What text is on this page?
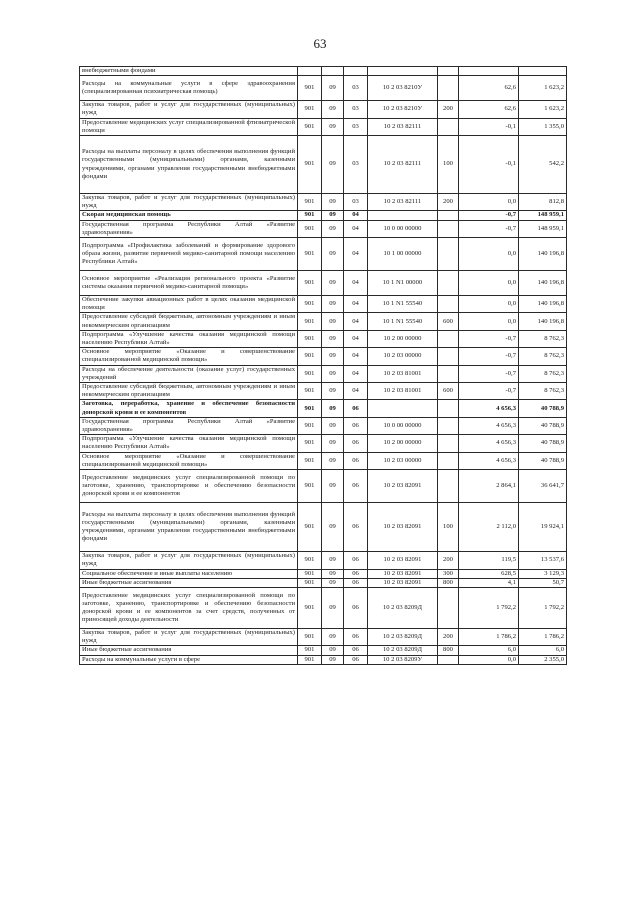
63
внебюджетными фондами							
Расходы на коммунальные услуги в сфере здравоохранения (специализированная психиатрическая помощь)	901	09	03	10 2 03 8210У		62,6	1 623,2
Закупка товаров, работ и услуг для государственных (муниципальных) нужд	901	09	03	10 2 03 8210У	200	62,6	1 623,2
Предоставление медицинских услуг специализированной фтизиатрической помощи	901	09	03	10 2 03 82111		-0,1	1 355,0
Расходы на выплаты персоналу в целях обеспечения выполнения функций государственными (муниципальными) органами, казенными учреждениями, органами управления государственными внебюджетными фондами	901	09	03	10 2 03 82111	100	-0,1	542,2
Закупка товаров, работ и услуг для государственных (муниципальных) нужд	901	09	03	10 2 03 82111	200	0,0	812,8
Скорая медицинская помощь	901	09	04			-0,7	148 959,1
Государственная программа Республики Алтай «Развитие здравоохранения»	901	09	04	10 0 00 00000		-0,7	148 959,1
Подпрограмма «Профилактика заболеваний и формирование здорового образа жизни, развитие первичной медико-санитарной помощи населению Республики Алтай»	901	09	04	10 1 00 00000		0,0	140 196,8
Основное мероприятие «Реализация регионального проекта «Развитие системы оказания первичной медико-санитарной помощи»	901	09	04	10 1 N1 00000		0,0	140 196,8
Обеспечение закупки авиационных работ в целях оказания медицинской помощи	901	09	04	10 1 N1 55540		0,0	140 196,8
Предоставление субсидий бюджетным, автономным учреждениям и иным некоммерческим организациям	901	09	04	10 1 N1 55540	600	0,0	140 196,8
Подпрограмма «Улучшение качества оказания медицинской помощи населению Республики Алтай»	901	09	04	10 2 00 00000		-0,7	8 762,3
Основное мероприятие «Оказание и совершенствование специализированной медицинской помощи»	901	09	04	10 2 03 00000		-0,7	8 762,3
Расходы на обеспечение деятельности (оказание услуг) государственных учреждений	901	09	04	10 2 03 81001		-0,7	8 762,3
Предоставление субсидий бюджетным, автономным учреждениям и иным некоммерческим организациям	901	09	04	10 2 03 81001	600	-0,7	8 762,3
Заготовка, переработка, хранение и обеспечение безопасности донорской крови и ее компонентов	901	09	06			4 656,3	40 788,9
Государственная программа Республики Алтай «Развитие здравоохранения»	901	09	06	10 0 00 00000		4 656,3	40 788,9
Подпрограмма «Улучшение качества оказания медицинской помощи населению Республики Алтай»	901	09	06	10 2 00 00000		4 656,3	40 788,9
Основное мероприятие «Оказание и совершенствование специализированной медицинской помощи»	901	09	06	10 2 03 00000		4 656,3	40 788,9
Предоставление медицинских услуг специализированной помощи по заготовке, хранению, транспортировке и обеспечению безопасности донорской крови и ее компонентов	901	09	06	10 2 03 82091		2 864,1	36 641,7
Расходы на выплаты персоналу в целях обеспечения выполнения функций государственными (муниципальными) органами, казенными учреждениями, органами управления государственными внебюджетными фондами	901	09	06	10 2 03 82091	100	2 112,0	19 924,1
Закупка товаров, работ и услуг для государственных (муниципальных) нужд	901	09	06	10 2 03 82091	200	119,5	13 537,6
Социальное обеспечение и иные выплаты населению	901	09	06	10 2 03 82091	300	628,5	3 129,3
Иные бюджетные ассигнования	901	09	06	10 2 03 82091	800	4,1	50,7
Предоставление медицинских услуг специализированной помощи по заготовке, хранению, транспортировке и обеспечению безопасности донорской крови и ее компонентов за счет средств, полученных от приносящей доходы деятельности	901	09	06	10 2 03 8209Д		1 792,2	1 792,2
Закупка товаров, работ и услуг для государственных (муниципальных) нужд	901	09	06	10 2 03 8209Д	200	1 786,2	1 786,2
Иные бюджетные ассигнования	901	09	06	10 2 03 8209Д	800	6,0	6,0
Расходы на коммунальные услуги в сфере	901	09	06	10 2 03 8209У		0,0	2 355,0
